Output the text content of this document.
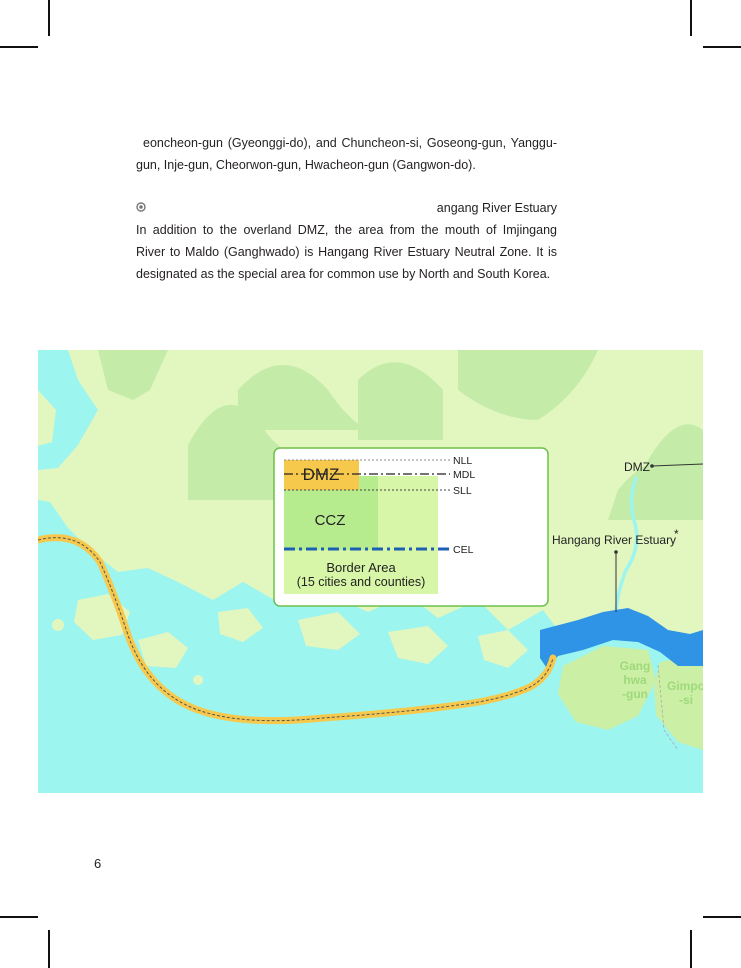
eoncheon-gun (Gyeonggi-do), and Chuncheon-si, Goseong-gun, Yanggu-
gun, Inje-gun, Cheorwon-gun, Hwacheon-gun (Gangwon-do).
angang River Estuary
In addition to the overland DMZ, the area from the mouth of Imjingang
River to Maldo (Ganghwado) is Hangang River Estuary Neutral Zone. It is
designated as the special area for common use by North and South Korea.
Gang
hwa
-gun
Gimpo
-si
DMZ
Hangang River Estuary
*
NLL
MDL
SLL
CEL
DMZ
CCZ
Border Area
(15 cities and counties)
6
